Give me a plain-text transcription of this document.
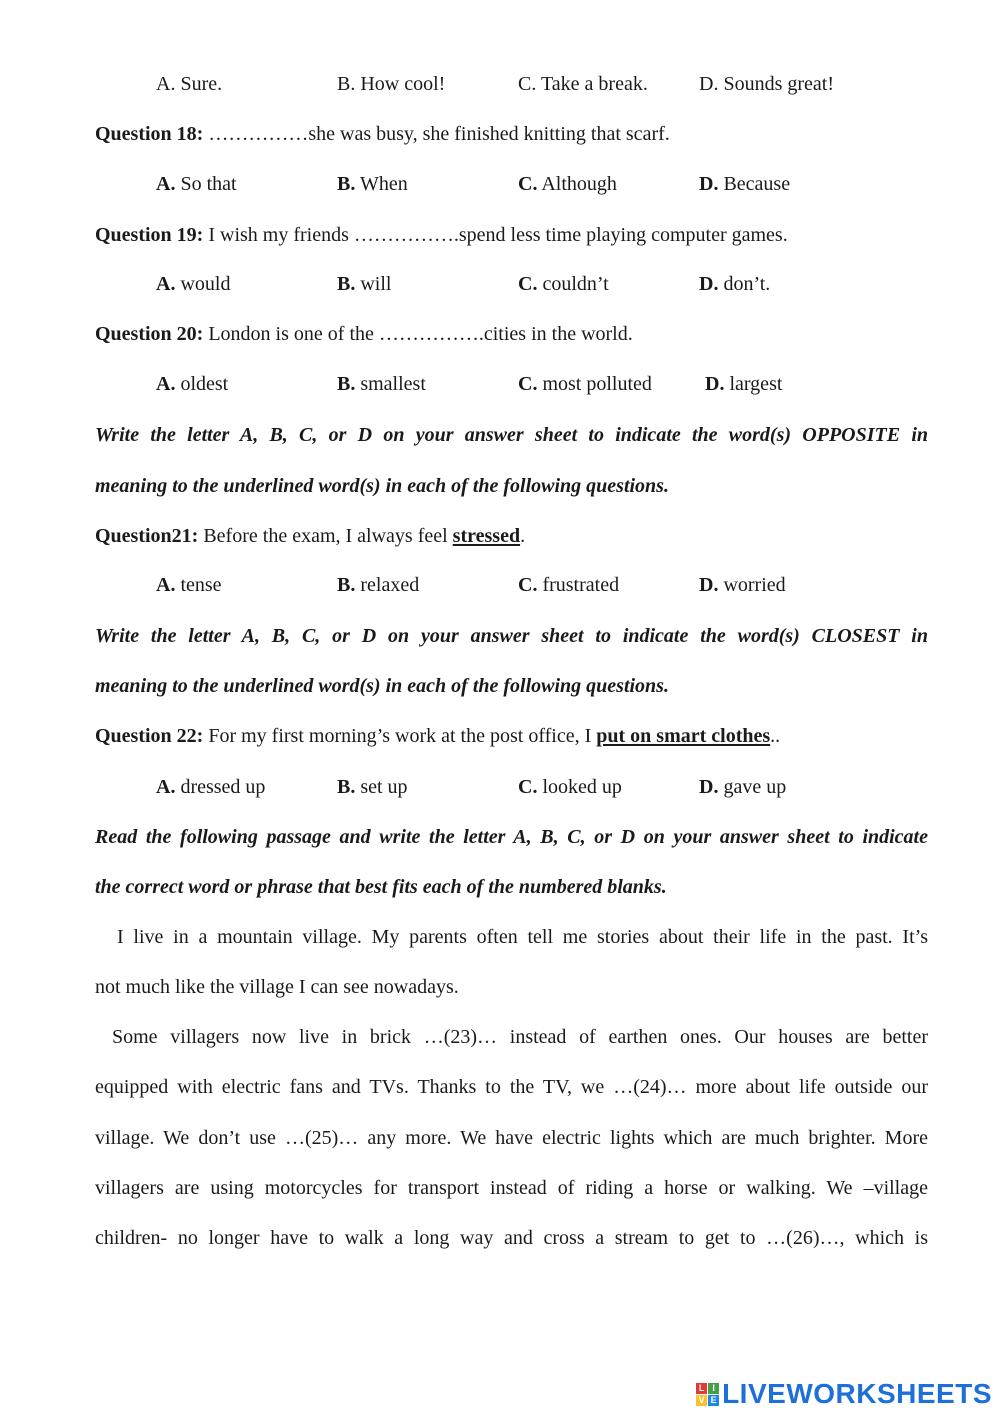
A. Sure.	B. How cool!	C. Take a break.	D. Sounds great!
Question 18: ……………she was busy, she finished knitting that scarf.
A. So that	B. When	C. Although	D. Because
Question 19: I wish my friends …………….spend less time playing computer games.
A. would	B. will	C. couldn’t	D. don’t.
Question 20: London is one of the …………….cities in the world.
A. oldest	B. smallest	C. most polluted	D. largest
Write the letter A, B, C, or D on your answer sheet to indicate the word(s) OPPOSITE in
meaning to the underlined word(s) in each of the following questions.
Question21: Before the exam, I always feel stressed.
A. tense	B. relaxed	C. frustrated	D. worried
Write the letter A, B, C, or D on your answer sheet to indicate the word(s) CLOSEST in
meaning to the underlined word(s) in each of the following questions.
Question 22: For my first morning’s work at the post office, I put on smart clothes..
A. dressed up	B. set up	C. looked up	D. gave up
Read the following passage and write the letter A, B, C, or D on your answer sheet to indicate
the correct word or phrase that best fits each of the numbered blanks.
I live in a mountain village. My parents often tell me stories about their life in the past. It’s
not much like the village I can see nowadays.
Some villagers now live in brick …(23)… instead of earthen ones. Our houses are better
equipped with electric fans and TVs. Thanks to the TV, we …(24)… more about life outside our
village. We don’t use …(25)… any more. We have electric lights which are much brighter. More
villagers are using motorcycles for transport instead of riding a horse or walking. We –village
children- no longer have to walk a long way and cross a stream to get to …(26)…, which is
L I
V E LIVEWORKSHEETS
